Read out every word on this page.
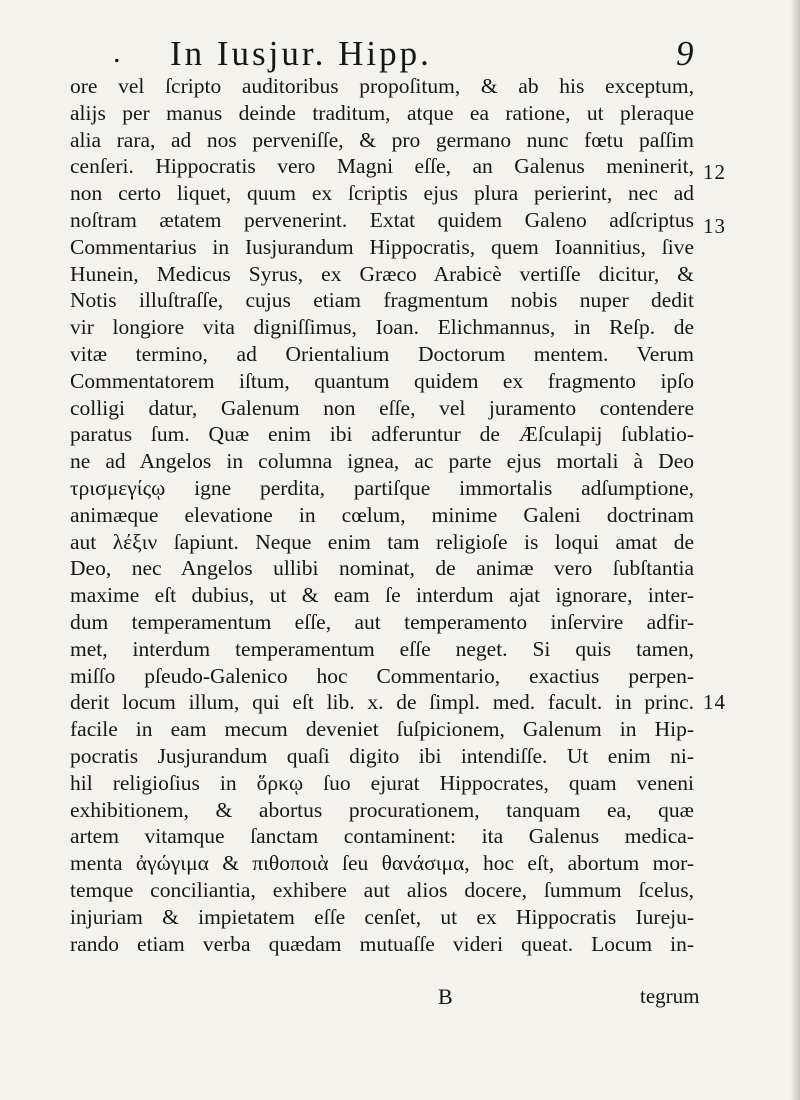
. In Iusjur. Hipp.	9
ore vel ſcripto auditoribus propoſitum, & ab his exceptum,
alijs per manus deinde traditum, atque ea ratione, ut pleraque
alia rara, ad nos perveniſſe, & pro germano nunc fœtu paſſim
cenſeri. Hippocratis vero Magni eſſe, an Galenus meninerit,
non certo liquet, quum ex ſcriptis ejus plura perierint, nec ad
noſtram ætatem pervenerint. Extat quidem Galeno adſcriptus
Commentarius in Iusjurandum Hippocratis, quem Ioannitius, ſive
Hunein, Medicus Syrus, ex Græco Arabicè vertiſſe dicitur, &
Notis illuſtraſſe, cujus etiam fragmentum nobis nuper dedit
vir longiore vita digniſſimus, Ioan. Elichmannus, in Reſp. de
vitæ termino, ad Orientalium Doctorum mentem. Verum
Commentatorem iſtum, quantum quidem ex fragmento ipſo
colligi datur, Galenum non eſſe, vel juramento contendere
paratus ſum. Quæ enim ibi adferuntur de Æſculapij ſublatio-
ne ad Angelos in columna ignea, ac parte ejus mortali à Deo
τρισμεγίςῳ igne perdita, partiſque immortalis adſumptione,
animæque elevatione in cœlum, minime Galeni doctrinam
aut λέξιν ſapiunt. Neque enim tam religioſe is loqui amat de
Deo, nec Angelos ullibi nominat, de animæ vero ſubſtantia
maxime eſt dubius, ut & eam ſe interdum ajat ignorare, inter-
dum temperamentum eſſe, aut temperamento inſervire adfir-
met, interdum temperamentum eſſe neget. Si quis tamen,
miſſo pſeudo-Galenico hoc Commentario, exactius perpen-
derit locum illum, qui eſt lib. x. de ſimpl. med. facult. in princ.
facile in eam mecum deveniet ſuſpicionem, Galenum in Hip-
pocratis Jusjurandum quaſi digito ibi intendiſſe. Ut enim ni-
hil religioſius in ὅρκῳ ſuo ejurat Hippocrates, quam veneni
exhibitionem, & abortus procurationem, tanquam ea, quæ
artem vitamque ſanctam contaminent: ita Galenus medica-
menta ἀγώγιμα & πιθοποιὰ ſeu θανάσιμα, hoc eſt, abortum mor-
temque conciliantia, exhibere aut alios docere, ſummum ſcelus,
injuriam & impietatem eſſe cenſet, ut ex Hippocratis Iureju-
rando etiam verba quædam mutuaſſe videri queat. Locum in-
12
13
14
B	tegrum
